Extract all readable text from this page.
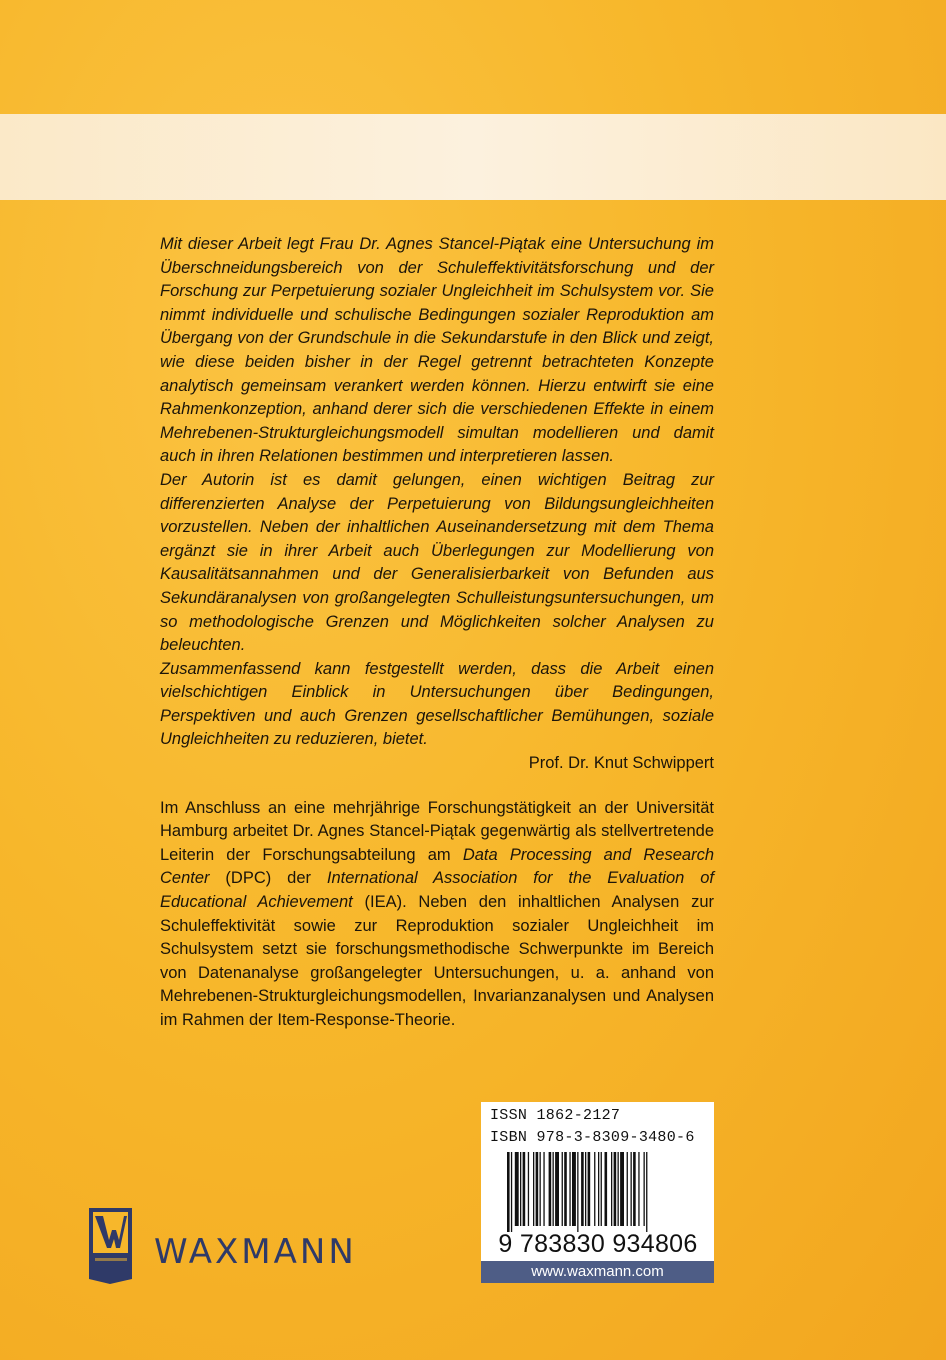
Mit dieser Arbeit legt Frau Dr. Agnes Stancel-Piątak eine Untersuchung im Überschneidungsbereich von der Schuleffektivitätsforschung und der Forschung zur Perpetuierung sozialer Ungleichheit im Schulsystem vor. Sie nimmt individuelle und schulische Bedingungen sozialer Reproduktion am Übergang von der Grundschule in die Sekundarstufe in den Blick und zeigt, wie diese beiden bisher in der Regel getrennt betrachteten Konzepte analytisch gemeinsam verankert werden können. Hierzu entwirft sie eine Rahmenkonzeption, anhand derer sich die verschiedenen Effekte in einem Mehrebenen-Strukturgleichungsmodell simultan modellieren und damit auch in ihren Relationen bestimmen und interpretieren lassen.

Der Autorin ist es damit gelungen, einen wichtigen Beitrag zur differenzierten Analyse der Perpetuierung von Bildungsungleichheiten vorzustellen. Neben der inhaltlichen Auseinandersetzung mit dem Thema ergänzt sie in ihrer Arbeit auch Überlegungen zur Modellierung von Kausalitätsannahmen und der Generalisierbarkeit von Befunden aus Sekundäranalysen von großangelegten Schulleistungsuntersuchungen, um so methodologische Grenzen und Möglichkeiten solcher Analysen zu beleuchten.

Zusammenfassend kann festgestellt werden, dass die Arbeit einen vielschichtigen Einblick in Untersuchungen über Bedingungen, Perspektiven und auch Grenzen gesellschaftlicher Bemühungen, soziale Ungleichheiten zu reduzieren, bietet.

Prof. Dr. Knut Schwippert

Im Anschluss an eine mehrjährige Forschungstätigkeit an der Universität Hamburg arbeitet Dr. Agnes Stancel-Piątak gegenwärtig als stellvertretende Leiterin der Forschungsabteilung am Data Processing and Research Center (DPC) der International Association for the Evaluation of Educational Achievement (IEA). Neben den inhaltlichen Analysen zur Schuleffektivität sowie zur Reproduktion sozialer Ungleichheit im Schulsystem setzt sie forschungsmethodische Schwerpunkte im Bereich von Datenanalyse großangelegter Untersuchungen, u. a. anhand von Mehrebenen-Strukturgleichungsmodellen, Invarianzanalysen und Analysen im Rahmen der Item-Response-Theorie.

ISSN 1862-2127
ISBN 978-3-8309-3480-6
9 783830 934806
www.waxmann.com
WAXMANN
